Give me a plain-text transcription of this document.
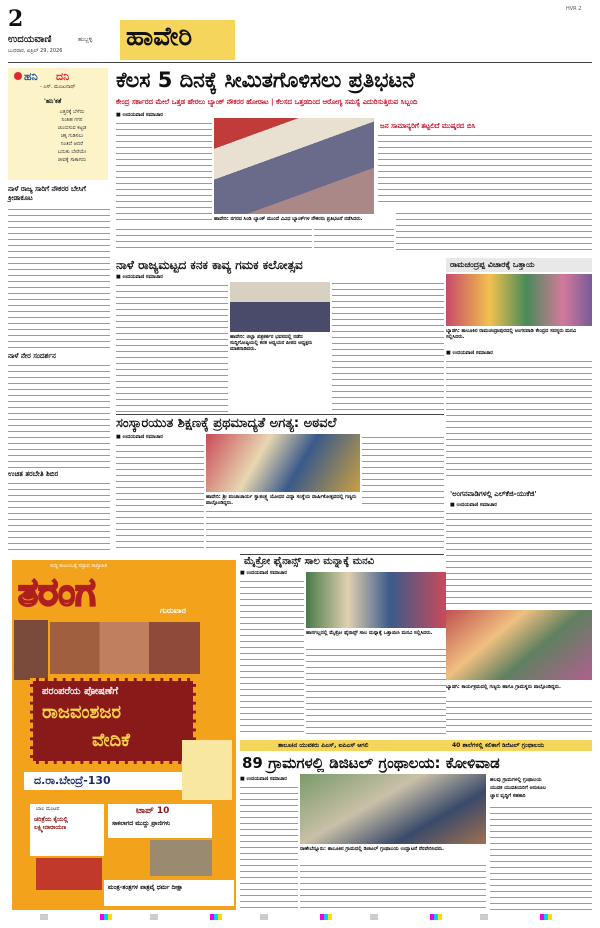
2
ಉದಯವಾಣಿ	ಹುಬ್ಬಳ್ಳಿ
ಬುಧವಾರ, ಏಪ್ರಿಲ್ 29, 2026 ಹಾವೇರಿ
HVR 2
ಹನಿ ದನಿ
- ಎಸ್. ಮಂಜುನಾಥ್
'ಹನಿ'ಕತೆ
ಎತ್ತರಕ್ಕೆ ಬೆಳೆದು
ನಿಂತಿಹ ಗಗನ
ಚುಂಬಿಸುವ ಕಟ್ಟಡ
ಚಿಕ್ಕ ಗುಡಿಸಲು
ನಿಂತಿದೆ ಆದರೆ
ಬದುಕು ಬೇರೆಯೇ
ಜೀವಕ್ಕೆ ಸಾಕಾಗದು
ನಾಳೆ ರಾಜ್ಯ ಸಾರಿಗೆ ನೌಕರರ ಬೇಸಿಗೆ ಕ್ರೀಡಾಕೂಟ
ನಾಳೆ ನೇರ ಸಂದರ್ಶನ
ಉಚಿತ ತರಬೇತಿ ಶಿಬಿರ
ಕೆಲಸ 5 ದಿನಕ್ಕೆ ಸೀಮಿತಗೊಳಿಸಲು ಪ್ರತಿಭಟನೆ
ಕೇಂದ್ರ ಸರ್ಕಾರದ ಮೇಲೆ ಒತ್ತಡ ಹೇರಲು ಬ್ಯಾಂಕ್‌ ನೌಕರರ ಹೋರಾಟ | ಕೆಲಸದ ಒತ್ತಡದಿಂದ ಆರೋಗ್ಯ ಸಮಸ್ಯೆ ಎದುರಿಸುತ್ತಿರುವ ಸಿಬ್ಬಂದಿ
■ ಉದಯವಾಣಿ ಸಮಾಚಾರ
ಹಾವೇರಿ: ನಗರದ ಸಿಂಡಿ ಬ್ಯಾಂಕ್‌ ಮುಂದೆ ವಿವಿಧ ಬ್ಯಾಂಕ್‌ಗಳ ನೌಕರರು ಪ್ರತಿಭಟನೆ ನಡೆಸಿದರು.
ಜನ ಸಾಮಾನ್ಯರಿಗೆ ತಟ್ಟಲಿದೆ ಮುಷ್ಕರದ ಬಿಸಿ
ನಾಳೆ ರಾಜ್ಯಮಟ್ಟದ ಕನಕ ಕಾವ್ಯ ಗಮಕ ಕಲೋತ್ಸವ
■ ಉದಯವಾಣಿ ಸಮಾಚಾರ
ಹಾವೇರಿ: ಜಿಲ್ಲಾ ಪತ್ರಕರ್ತರ ಭವನದಲ್ಲಿ ನಡೆದ ಸುದ್ದಿಗೋಷ್ಠಿಯಲ್ಲಿ ಕನಕ ಅಧ್ಯಯನ ಪೀಠದ ಅಧ್ಯಕ್ಷರು ಮಾತನಾಡಿದರು.
ರಾಮಚಂದ್ರಪ್ಪ ವಿಚಾರಕ್ಕೆ ಒತ್ತಾಯ
ಬ್ಯಾಡಗಿ: ತಾಲೂಕಿನ ರಾಮಚಂದ್ರಾಪುರದಲ್ಲಿ ಅಂಗನವಾಡಿ ಕೇಂದ್ರದ ಸದಸ್ಯರು ಮನವಿ ಸಲ್ಲಿಸಿದರು.
■ ಉದಯವಾಣಿ ಸಮಾಚಾರ
ಸಂಸ್ಕಾರಯುತ ಶಿಕ್ಷಣಕ್ಕೆ ಪ್ರಥಮಾದ್ಯತೆ ಅಗತ್ಯ: ಅಠವಲೆ
■ ಉದಯವಾಣಿ ಸಮಾಚಾರ
ಹಾವೇರಿ: ಶ್ರೀ ಪಂಚಾಚಾರ್ಯ ಸ್ವಾತಂತ್ರ್ಯ ಯೋಧರ ವಿದ್ಯಾ ಸಂಸ್ಥೆಯ ವಾರ್ಷಿಕೋತ್ಸವದಲ್ಲಿ ಗಣ್ಯರು ಪಾಲ್ಗೊಂಡಿದ್ದರು.
'ಅಂಗನವಾಡಿಗಳಲ್ಲಿ ಎಲ್‌ಕೆಜಿ-ಯುಕೆಜಿ'
■ ಉದಯವಾಣಿ ಸಮಾಚಾರ
ಸುದ್ದಿ ಕುಟುಂಬಕ್ಕೆ ಸದ್ಭಾವ ಸಾಪ್ತಾಹಿಕ
ತರಂಗ	ಗುರುವಾರ
ಪರಂಪರೆಯ ಪೋಷಣೆಗೆ
ರಾಜವಂಶಜರ
ವೇದಿಕೆ
ದ.ರಾ.ಬೇಂದ್ರೆ-130
ಬಾಲ ಮಂಟಪ
ಚರಿತ್ರೆಯ ಕೈಯಲ್ಲಿ ಲಕ್ಷ್ಮೀನಾರಾಯಣ
ಟಾಪ್‌ 10
ಸಾಕಲಾಗದ ಮುದ್ದು ಪ್ರಾಣಿಗಳು
ಮಂತ್ರ-ತಂತ್ರಗಳ ಪಾತ್ರವೈ ಧರ್ಮ ದೀಕ್ಷಾ
ಮೈಕ್ರೋ ಫೈನಾನ್ಸ್‌ ಸಾಲ ಮನ್ನಾಕ್ಕೆ ಮನವಿ
■ ಉದಯವಾಣಿ ಸಮಾಚಾರ
ಹಾನಗಲ್ಲದಲ್ಲಿ ಮೈಕ್ರೋ ಫೈನಾನ್ಸ್‌ ಸಾಲ ಮನ್ನಾಕ್ಕೆ ಒತ್ತಾಯಿಸಿ ಮನವಿ ಸಲ್ಲಿಸಿದರು.
ಬ್ಯಾಡಗಿ: ಕಾರ್ಯಕ್ರಮದಲ್ಲಿ ಗಣ್ಯರು ಹಾಗೂ ಗ್ರಾಮಸ್ಥರು ಪಾಲ್ಗೊಂಡಿದ್ದರು.
ತಾಲೂಕಿನ ಯುವಕರು ಪಿಎಸ್‌, ಐಪಿಎಸ್‌ ಆಗಲಿ	40 ಶಾಲೆಗಳಲ್ಲಿ ಕಲಿಕಾಗೆ ಡಿಜಿಟಲ್‌ ಗ್ರಂಥಾಲಯ
89 ಗ್ರಾಮಗಳಲ್ಲಿ ಡಿಜಿಟಲ್‌ ಗ್ರಂಥಾಲಯ: ಕೋಳಿವಾಡ
■ ಉದಯವಾಣಿ ಸಮಾಚಾರ
ರಾಣೇಬೆನ್ನೂರು: ತಾಲೂಕಿನ ಗ್ರಾಮದಲ್ಲಿ ಡಿಜಿಟಲ್‌ ಗ್ರಂಥಾಲಯ ಉದ್ಘಾಟನೆ ನೆರವೇರಿಸಿದರು.
ಹಲವು ಗ್ರಾಮಗಳಲ್ಲಿ ಗ್ರಂಥಾಲಯ
ಯುವಕ ಯುವತಿಯರಿಗೆ ಅನುಕೂಲ
ಜ್ಞಾನ ವೃದ್ಧಿಗೆ ಸಹಕಾರಿ
